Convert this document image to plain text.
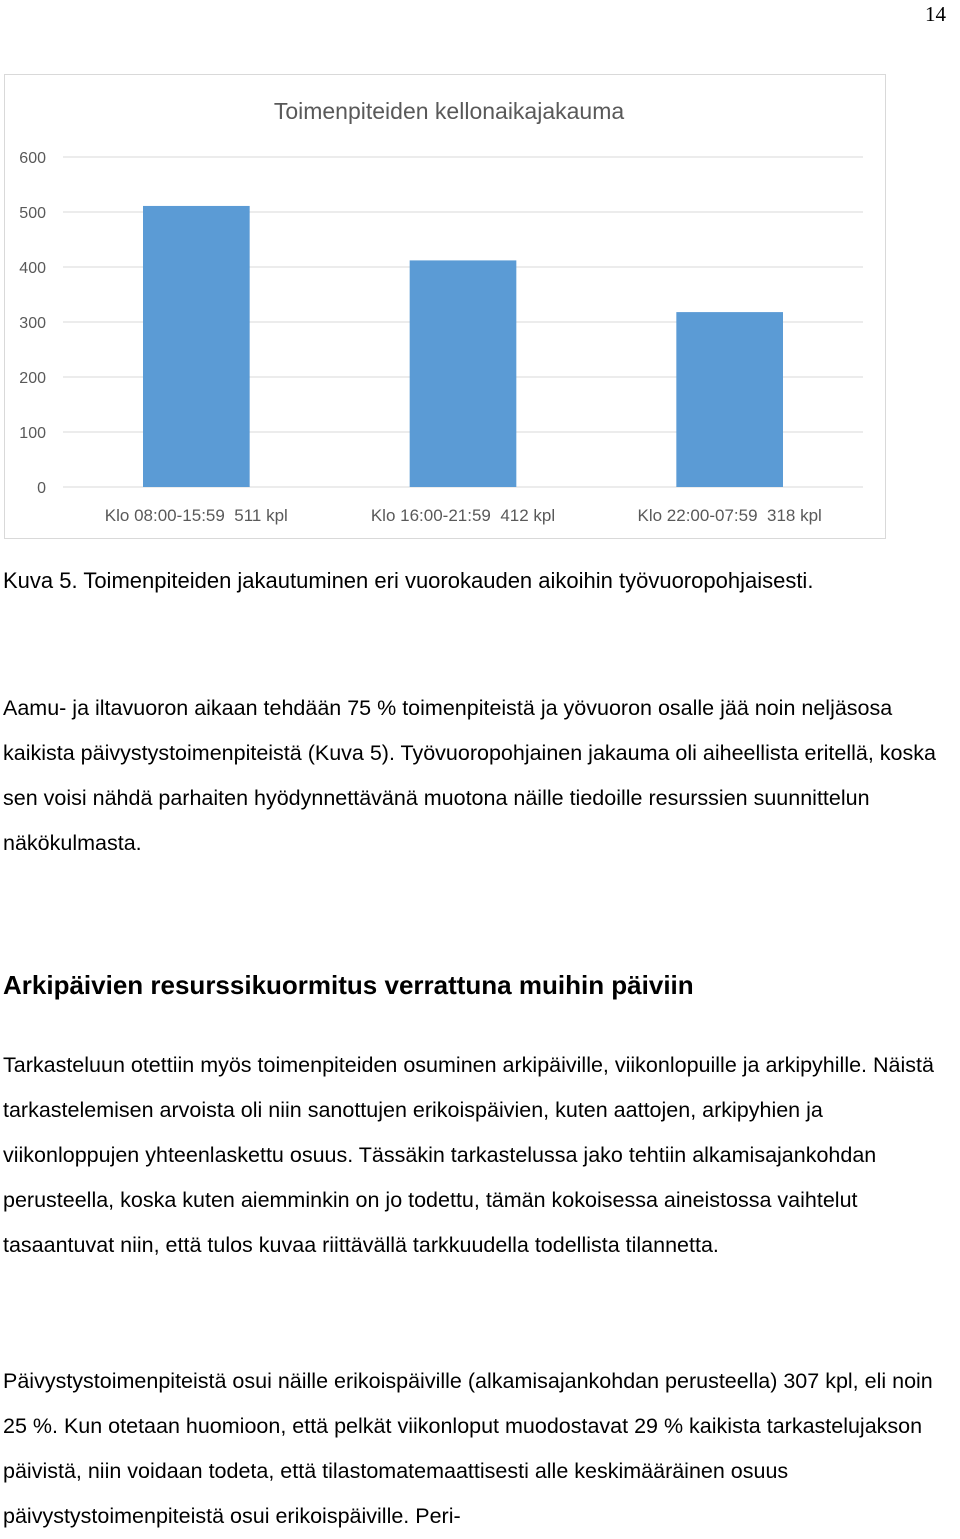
14
Toimenpiteiden kellonaikajakauma
0
100
200
300
400
500
600
Klo 08:00-15:59  511 kpl	Klo 16:00-21:59  412 kpl	Klo 22:00-07:59  318 kpl
Kuva 5. Toimenpiteiden jakautuminen eri vuorokauden aikoihin työvuoropohjaisesti.
Aamu- ja iltavuoron aikaan tehdään 75 % toimenpiteistä ja yövuoron osalle jää noin neljäsosa kaikista päivystystoimenpiteistä (Kuva 5). Työvuoropohjainen jakauma oli aiheellista eritellä, koska sen voisi nähdä parhaiten hyödynnettävänä muotona näille tiedoille resurssien suunnittelun näkökulmasta.
Arkipäivien resurssikuormitus verrattuna muihin päiviin
Tarkasteluun otettiin myös toimenpiteiden osuminen arkipäiville, viikonlopuille ja arkipyhille. Näistä tarkastelemisen arvoista oli niin sanottujen erikoispäivien, kuten aattojen, arkipyhien ja viikonloppujen yhteenlaskettu osuus. Tässäkin tarkastelussa jako tehtiin alkamisajankohdan perusteella, koska kuten aiemminkin on jo todettu, tämän kokoisessa aineistossa vaihtelut tasaantuvat niin, että tulos kuvaa riittävällä tarkkuudella todellista tilannetta.
Päivystystoimenpiteistä osui näille erikoispäiville (alkamisajankohdan perusteella) 307 kpl, eli noin 25 %. Kun otetaan huomioon, että pelkät viikonloput muodostavat 29 % kaikista tarkastelujakson päivistä, niin voidaan todeta, että tilastomatemaattisesti alle keskimääräinen osuus päivystystoimenpiteistä osui erikoispäiville. Peri-
